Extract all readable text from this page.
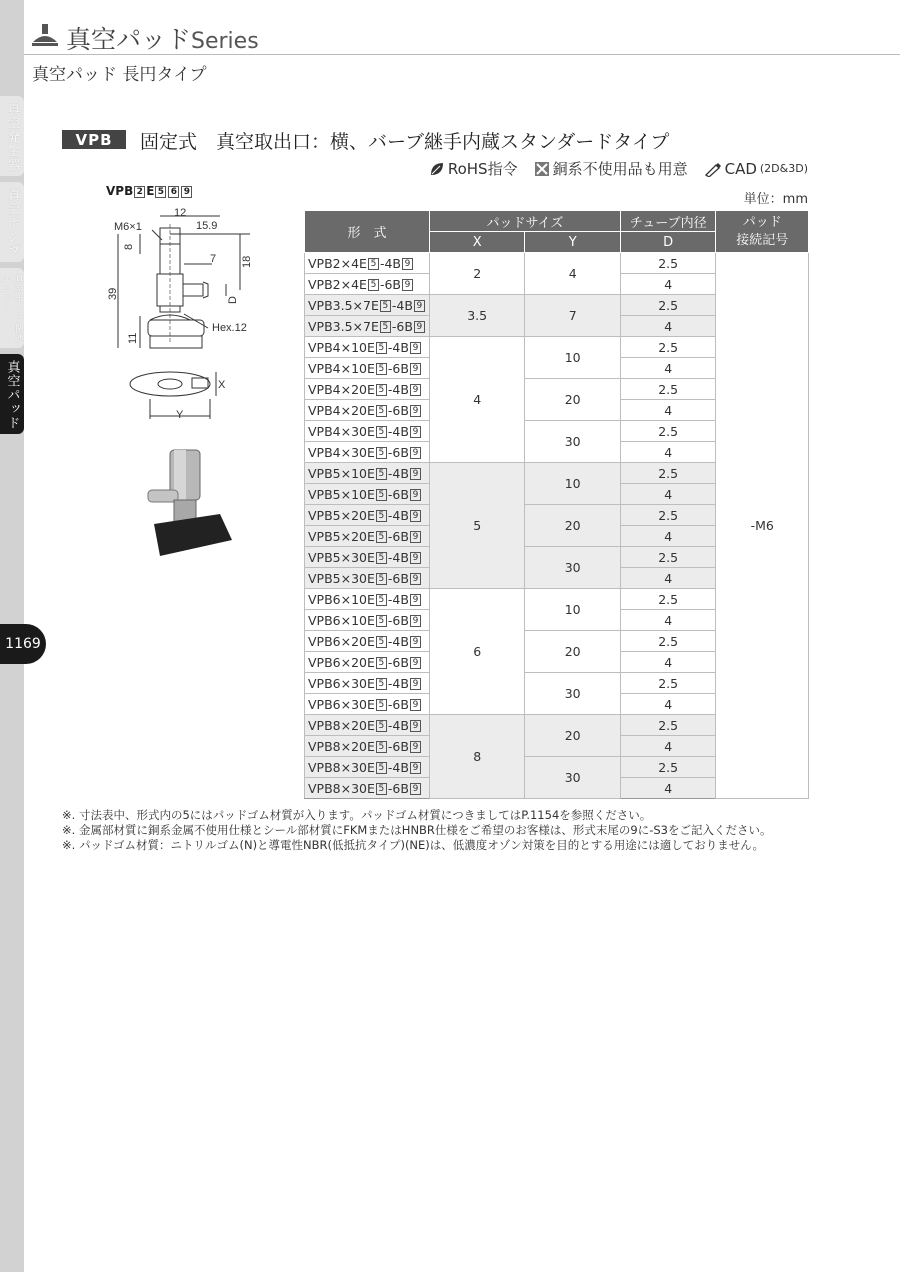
真空発生器
真空ポンプ
真空ポンプ関連ユニット
真空パッド
1169
真空パッドSeries
真空パッド 長円タイプ
VPB	固定式　真空取出口：横、バーブ継手内蔵スタンダードタイプ
RoHS指令 銅系不使用品も用意 CAD (2D&3D)
単位：mm
VPB 2 E 5 6 9
M6×1
12
15.9
8
7 18
39
D
11
Hex.12
X
Y
形　式	パッドサイズ		チューブ内径	パッド
接続記号
	X	Y	D	
VPB2×4E 5 -4B 9	2	4	2.5	-M6
VPB2×4E 5 -6B 9			4	
VPB3.5×7E 5 -4B 9	3.5	7	2.5	
VPB3.5×7E 5 -6B 9			4	
VPB4×10E 5 -4B 9	4	10	2.5	
VPB4×10E 5 -6B 9			4	
VPB4×20E 5 -4B 9		20	2.5	
VPB4×20E 5 -6B 9			4	
VPB4×30E 5 -4B 9		30	2.5	
VPB4×30E 5 -6B 9			4	
VPB5×10E 5 -4B 9	5	10	2.5	
VPB5×10E 5 -6B 9			4	
VPB5×20E 5 -4B 9		20	2.5	
VPB5×20E 5 -6B 9			4	
VPB5×30E 5 -4B 9		30	2.5	
VPB5×30E 5 -6B 9			4	
VPB6×10E 5 -4B 9	6	10	2.5	
VPB6×10E 5 -6B 9			4	
VPB6×20E 5 -4B 9		20	2.5	
VPB6×20E 5 -6B 9			4	
VPB6×30E 5 -4B 9		30	2.5	
VPB6×30E 5 -6B 9			4	
VPB8×20E 5 -4B 9	8	20	2.5	
VPB8×20E 5 -6B 9			4	
VPB8×30E 5 -4B 9		30	2.5	
VPB8×30E 5 -6B 9			4	
※. 寸法表中、形式内の5にはパッドゴム材質が入ります。パッドゴム材質につきましてはP.1154を参照ください。
※. 金属部材質に銅系金属不使用仕様とシール部材質にFKMまたはHNBR仕様をご希望のお客様は、形式末尾の9に-S3をご記入ください。
※. パッドゴム材質：ニトリルゴム(N)と導電性NBR(低抵抗タイプ)(NE)は、低濃度オゾン対策を目的とする用途には適しておりません。
